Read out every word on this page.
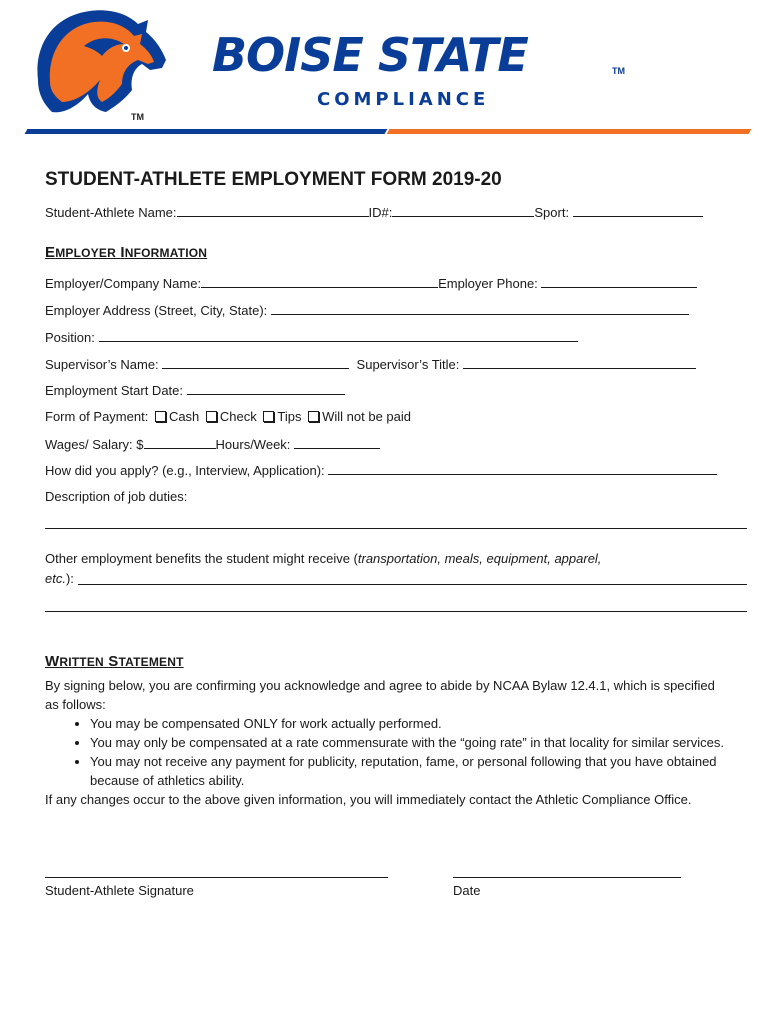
BOISE STATE	TM
COMPLIANCE
TM
STUDENT-ATHLETE EMPLOYMENT FORM 2019-20
Student-Athlete Name:	ID#:	Sport:
EMPLOYER INFORMATION
Employer/Company Name:	Employer Phone:
Employer Address (Street, City, State):
Position:
Supervisor’s Name:	Supervisor’s Title:
Employment Start Date:
Form of Payment: Cash Check Tips Will not be paid
Wages/ Salary: $	Hours/Week:
How did you apply? (e.g., Interview, Application):
Description of job duties:
Other employment benefits the student might receive (transportation, meals, equipment, apparel,
etc.):
WRITTEN STATEMENT
By signing below, you are confirming you acknowledge and agree to abide by NCAA Bylaw 12.4.1, which is specified as follows:
• You may be compensated ONLY for work actually performed.
• You may only be compensated at a rate commensurate with the “going rate” in that locality for similar services.
• You may not receive any payment for publicity, reputation, fame, or personal following that you have obtained because of athletics ability.
If any changes occur to the above given information, you will immediately contact the Athletic Compliance Office.
Student-Athlete Signature	Date
